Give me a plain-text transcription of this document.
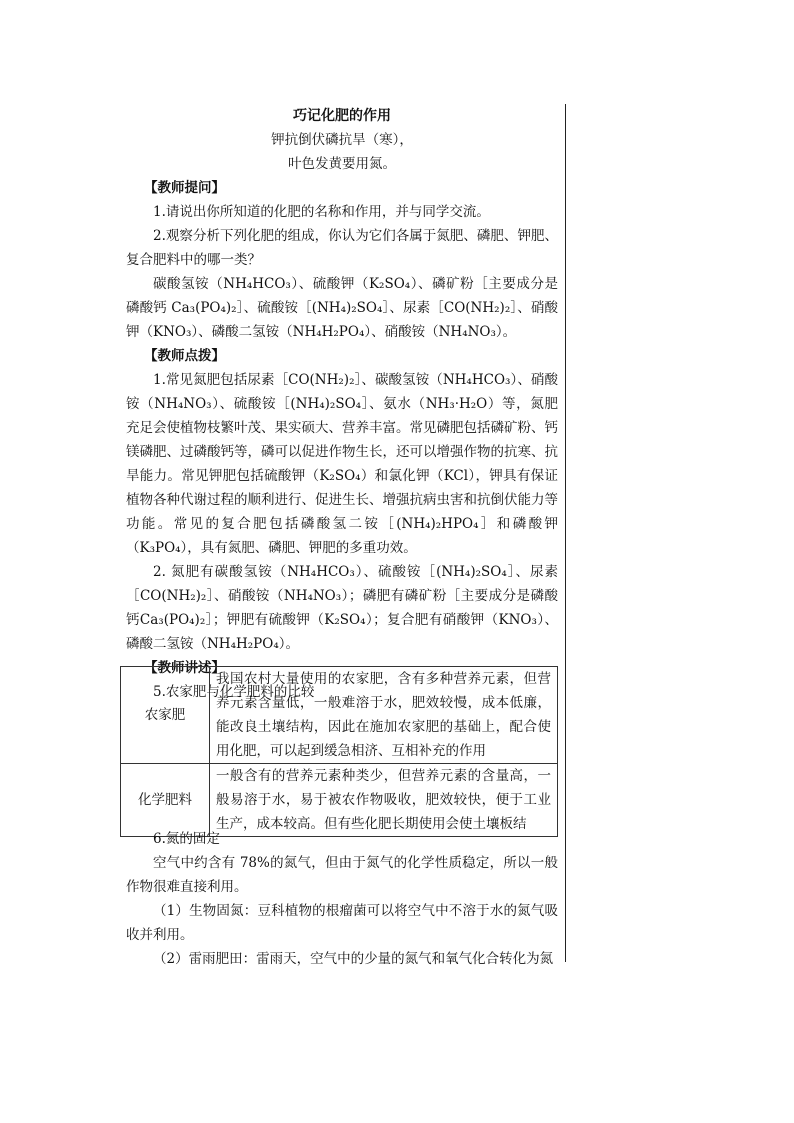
巧记化肥的作用
钾抗倒伏磷抗旱（寒），
叶色发黄要用氮。
【教师提问】

1.请说出你所知道的化肥的名称和作用，并与同学交流。

2.观察分析下列化肥的组成，你认为它们各属于氮肥、磷肥、钾肥、复合肥料中的哪一类？

碳酸氢铵（NH₄HCO₃）、硫酸钾（K₂SO₄）、磷矿粉［主要成分是磷酸钙 Ca₃(PO₄)₂］、硫酸铵［(NH₄)₂SO₄］、尿素［CO(NH₂)₂］、硝酸钾（KNO₃）、磷酸二氢铵（NH₄H₂PO₄）、硝酸铵（NH₄NO₃）。

【教师点拨】

1.常见氮肥包括尿素［CO(NH₂)₂］、碳酸氢铵（NH₄HCO₃）、硝酸铵（NH₄NO₃）、硫酸铵［(NH₄)₂SO₄］、氨水（NH₃·H₂O）等，氮肥充足会使植物枝繁叶茂、果实硕大、营养丰富。常见磷肥包括磷矿粉、钙镁磷肥、过磷酸钙等，磷可以促进作物生长，还可以增强作物的抗寒、抗旱能力。常见钾肥包括硫酸钾（K₂SO₄）和氯化钾（KCl），钾具有保证植物各种代谢过程的顺利进行、促进生长、增强抗病虫害和抗倒伏能力等功能。常见的复合肥包括磷酸氢二铵［(NH₄)₂HPO₄］和磷酸钾（K₃PO₄），具有氮肥、磷肥、钾肥的多重功效。

2. 氮肥有碳酸氢铵（NH₄HCO₃）、硫酸铵［(NH₄)₂SO₄］、尿素［CO(NH₂)₂］、硝酸铵（NH₄NO₃）；磷肥有磷矿粉［主要成分是磷酸钙Ca₃(PO₄)₂］；钾肥有硫酸钾（K₂SO₄）；复合肥有硝酸钾（KNO₃）、磷酸二氢铵（NH₄H₂PO₄）。

【教师讲述】

5.农家肥与化学肥料的比较

农家肥	我国农村大量使用的农家肥，含有多种营养元素，但营养元素含量低，一般难溶于水，肥效较慢，成本低廉，能改良土壤结构，因此在施加农家肥的基础上，配合使用化肥，可以起到缓急相济、互相补充的作用
化学肥料	一般含有的营养元素种类少，但营养元素的含量高，一般易溶于水，易于被农作物吸收，肥效较快，便于工业生产，成本较高。但有些化肥长期使用会使土壤板结

6.氮的固定

空气中约含有 78%的氮气，但由于氮气的化学性质稳定，所以一般作物很难直接利用。

（1）生物固氮：豆科植物的根瘤菌可以将空气中不溶于水的氮气吸收并利用。

（2）雷雨肥田：雷雨天，空气中的少量的氮气和氧气化合转化为氮
